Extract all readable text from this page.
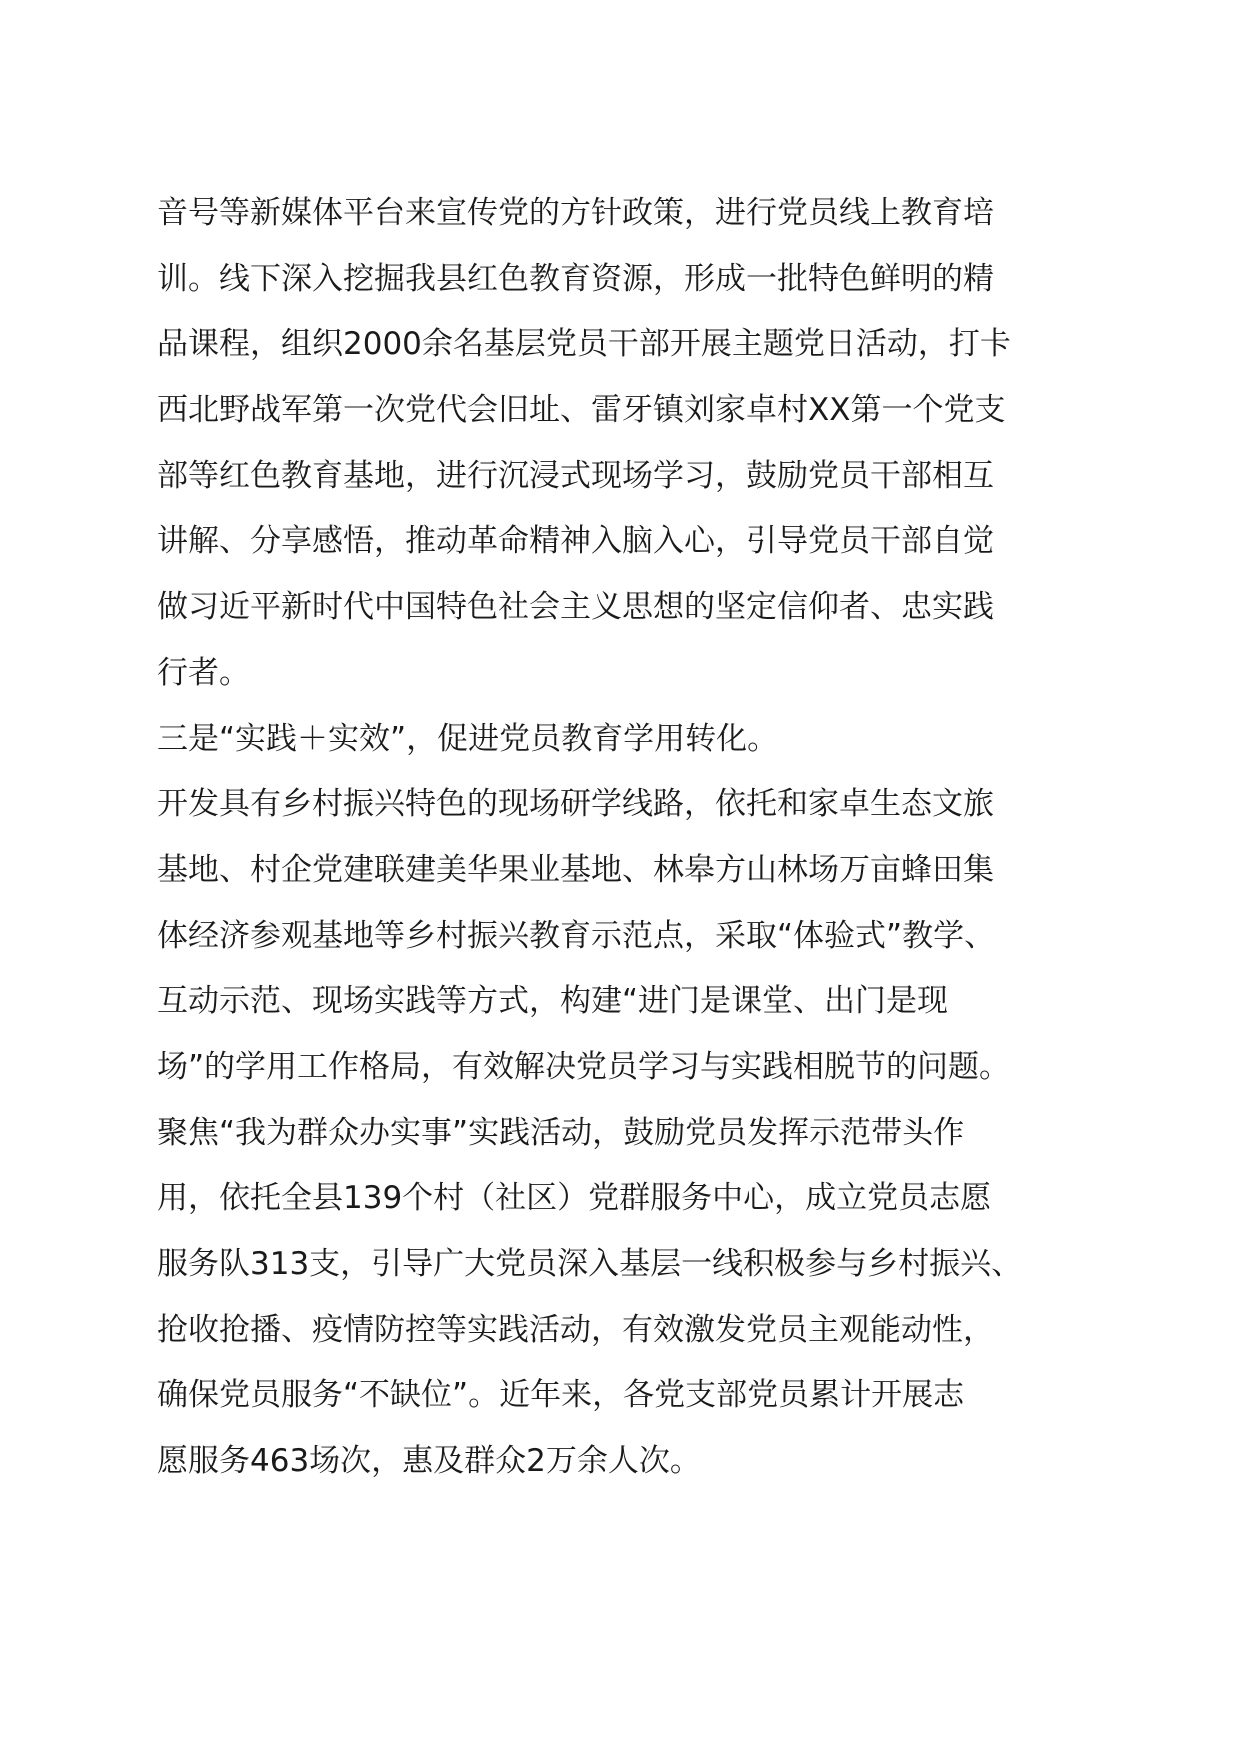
音号等新媒体平台来宣传党的方针政策，进行党员线上教育培
训。线下深入挖掘我县红色教育资源，形成一批特色鲜明的精
品课程，组织2000余名基层党员干部开展主题党日活动，打卡
西北野战军第一次党代会旧址、雷牙镇刘家卓村XX第一个党支
部等红色教育基地，进行沉浸式现场学习，鼓励党员干部相互
讲解、分享感悟，推动革命精神入脑入心，引导党员干部自觉
做习近平新时代中国特色社会主义思想的坚定信仰者、忠实践
行者。
三是“实践＋实效”，促进党员教育学用转化。
开发具有乡村振兴特色的现场研学线路，依托和家卓生态文旅
基地、村企党建联建美华果业基地、林皋方山林场万亩蜂田集
体经济参观基地等乡村振兴教育示范点，采取“体验式”教学、
互动示范、现场实践等方式，构建“进门是课堂、出门是现
场”的学用工作格局，有效解决党员学习与实践相脱节的问题。
聚焦“我为群众办实事”实践活动，鼓励党员发挥示范带头作
用，依托全县139个村（社区）党群服务中心，成立党员志愿
服务队313支，引导广大党员深入基层一线积极参与乡村振兴、
抢收抢播、疫情防控等实践活动，有效激发党员主观能动性，
确保党员服务“不缺位”。近年来，各党支部党员累计开展志
愿服务463场次，惠及群众2万余人次。
